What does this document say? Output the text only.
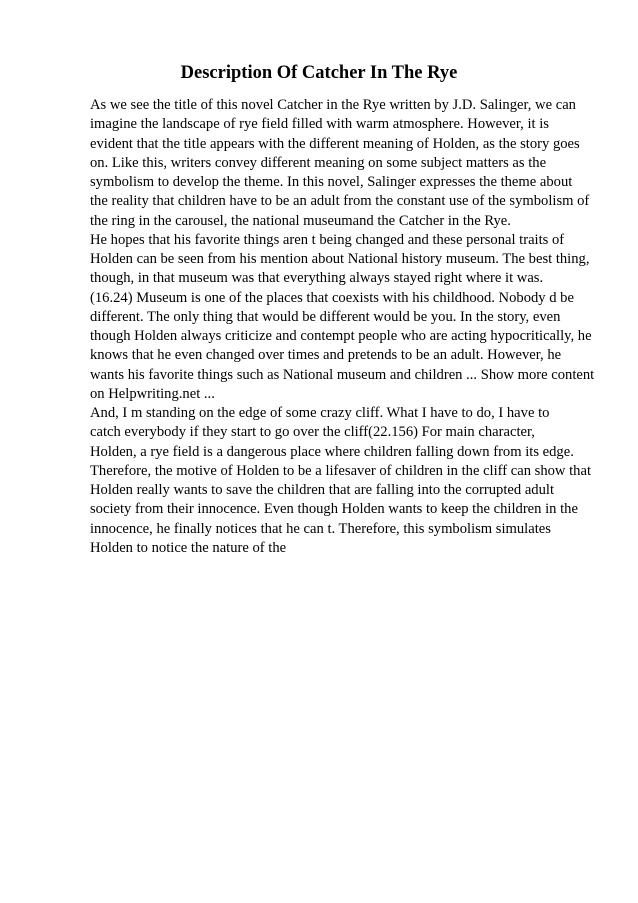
Description Of Catcher In The Rye
As we see the title of this novel Catcher in the Rye written by J.D. Salinger, we can
imagine the landscape of rye field filled with warm atmosphere. However, it is
evident that the title appears with the different meaning of Holden, as the story goes
on. Like this, writers convey different meaning on some subject matters as the
symbolism to develop the theme. In this novel, Salinger expresses the theme about
the reality that children have to be an adult from the constant use of the symbolism of
the ring in the carousel, the national museumand the Catcher in the Rye.
He hopes that his favorite things aren t being changed and these personal traits of
Holden can be seen from his mention about National history museum. The best thing,
though, in that museum was that everything always stayed right where it was.
(16.24) Museum is one of the places that coexists with his childhood. Nobody d be
different. The only thing that would be different would be you. In the story, even
though Holden always criticize and contempt people who are acting hypocritically, he
knows that he even changed over times and pretends to be an adult. However, he
wants his favorite things such as National museum and children ... Show more content
on Helpwriting.net ...
And, I m standing on the edge of some crazy cliff. What I have to do, I have to
catch everybody if they start to go over the cliff(22.156) For main character,
Holden, a rye field is a dangerous place where children falling down from its edge.
Therefore, the motive of Holden to be a lifesaver of children in the cliff can show that
Holden really wants to save the children that are falling into the corrupted adult
society from their innocence. Even though Holden wants to keep the children in the
innocence, he finally notices that he can t. Therefore, this symbolism simulates
Holden to notice the nature of the
